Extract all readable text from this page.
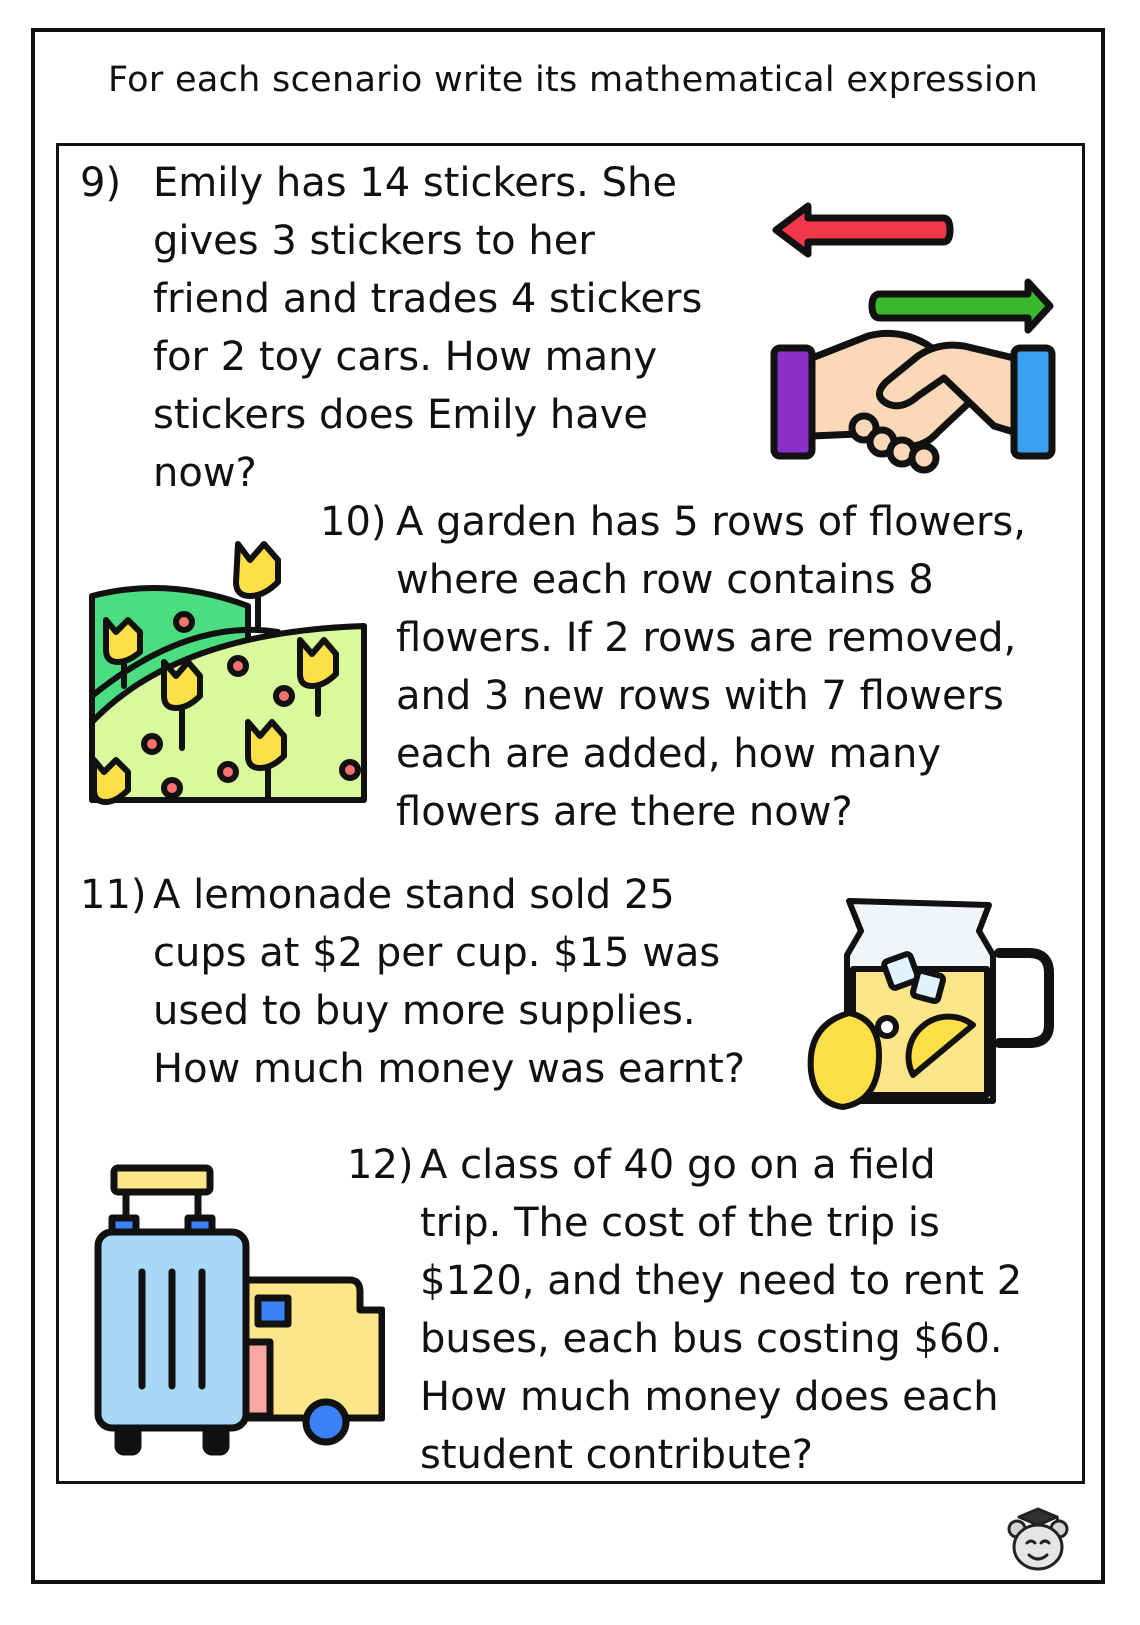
For each scenario write its mathematical expression
9) Emily has 14 stickers. She
gives 3 stickers to her
friend and trades 4 stickers
for 2 toy cars. How many
stickers does Emily have
now?

10) A garden has 5 rows of flowers,
where each row contains 8
flowers. If 2 rows are removed,
and 3 new rows with 7 flowers
each are added, how many
flowers are there now?

11) A lemonade stand sold 25
cups at $2 per cup. $15 was
used to buy more supplies.
How much money was earnt?

12) A class of 40 go on a field
trip. The cost of the trip is
$120, and they need to rent 2
buses, each bus costing $60.
How much money does each
student contribute?
